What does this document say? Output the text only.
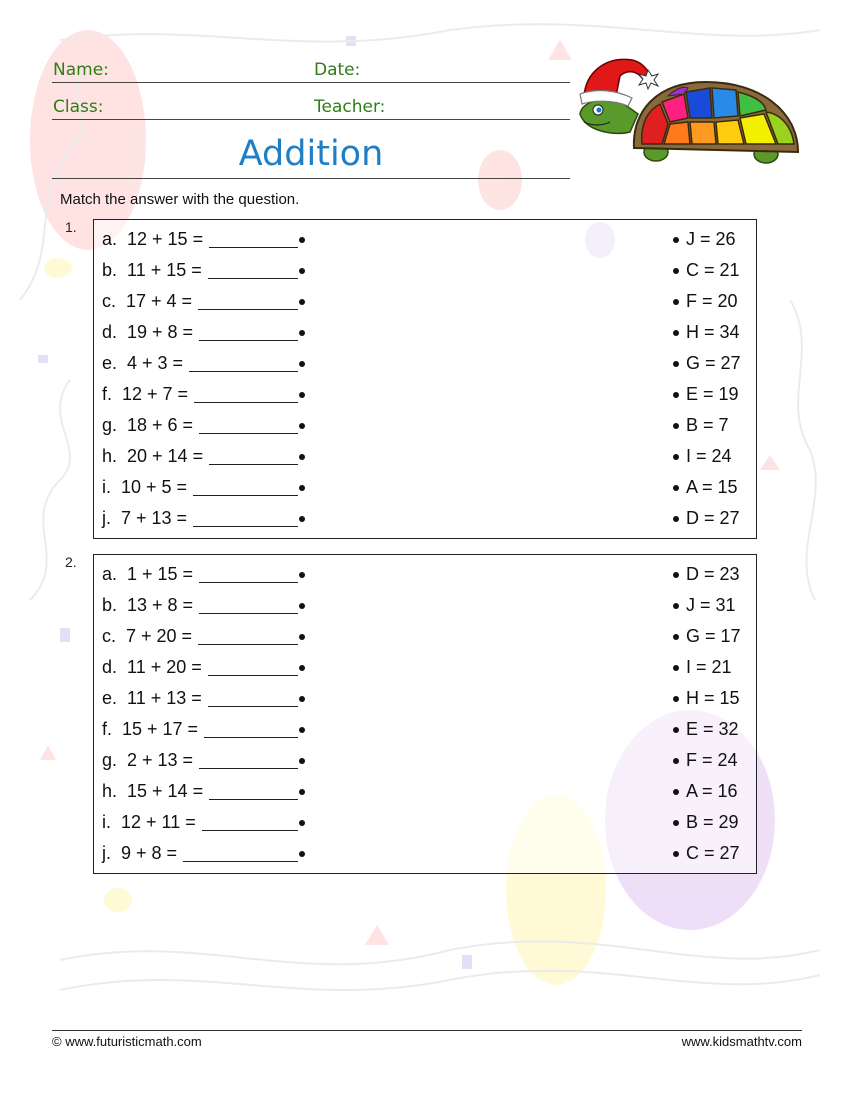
Name:	Date:
Class:	Teacher:
Addition
Match the answer with the question.
1.
a.  12 + 15 =	J = 26
b.  11 + 15 =	C = 21
c.  17 + 4 =	F = 20
d.  19 + 8 =	H = 34
e.  4 + 3 =	G = 27
f.  12 + 7 =	E = 19
g.  18 + 6 =	B = 7
h.  20 + 14 =	I = 24
i.  10 + 5 =	A = 15
j.  7 + 13 =	D = 27
2.
a.  1 + 15 =	D = 23
b.  13 + 8 =	J = 31
c.  7 + 20 =	G = 17
d.  11 + 20 =	I = 21
e.  11 + 13 =	H = 15
f.  15 + 17 =	E = 32
g.  2 + 13 =	F = 24
h.  15 + 14 =	A = 16
i.  12 + 11 =	B = 29
j.  9 + 8 =	C = 27
© www.futuristicmath.com	www.kidsmathtv.com
